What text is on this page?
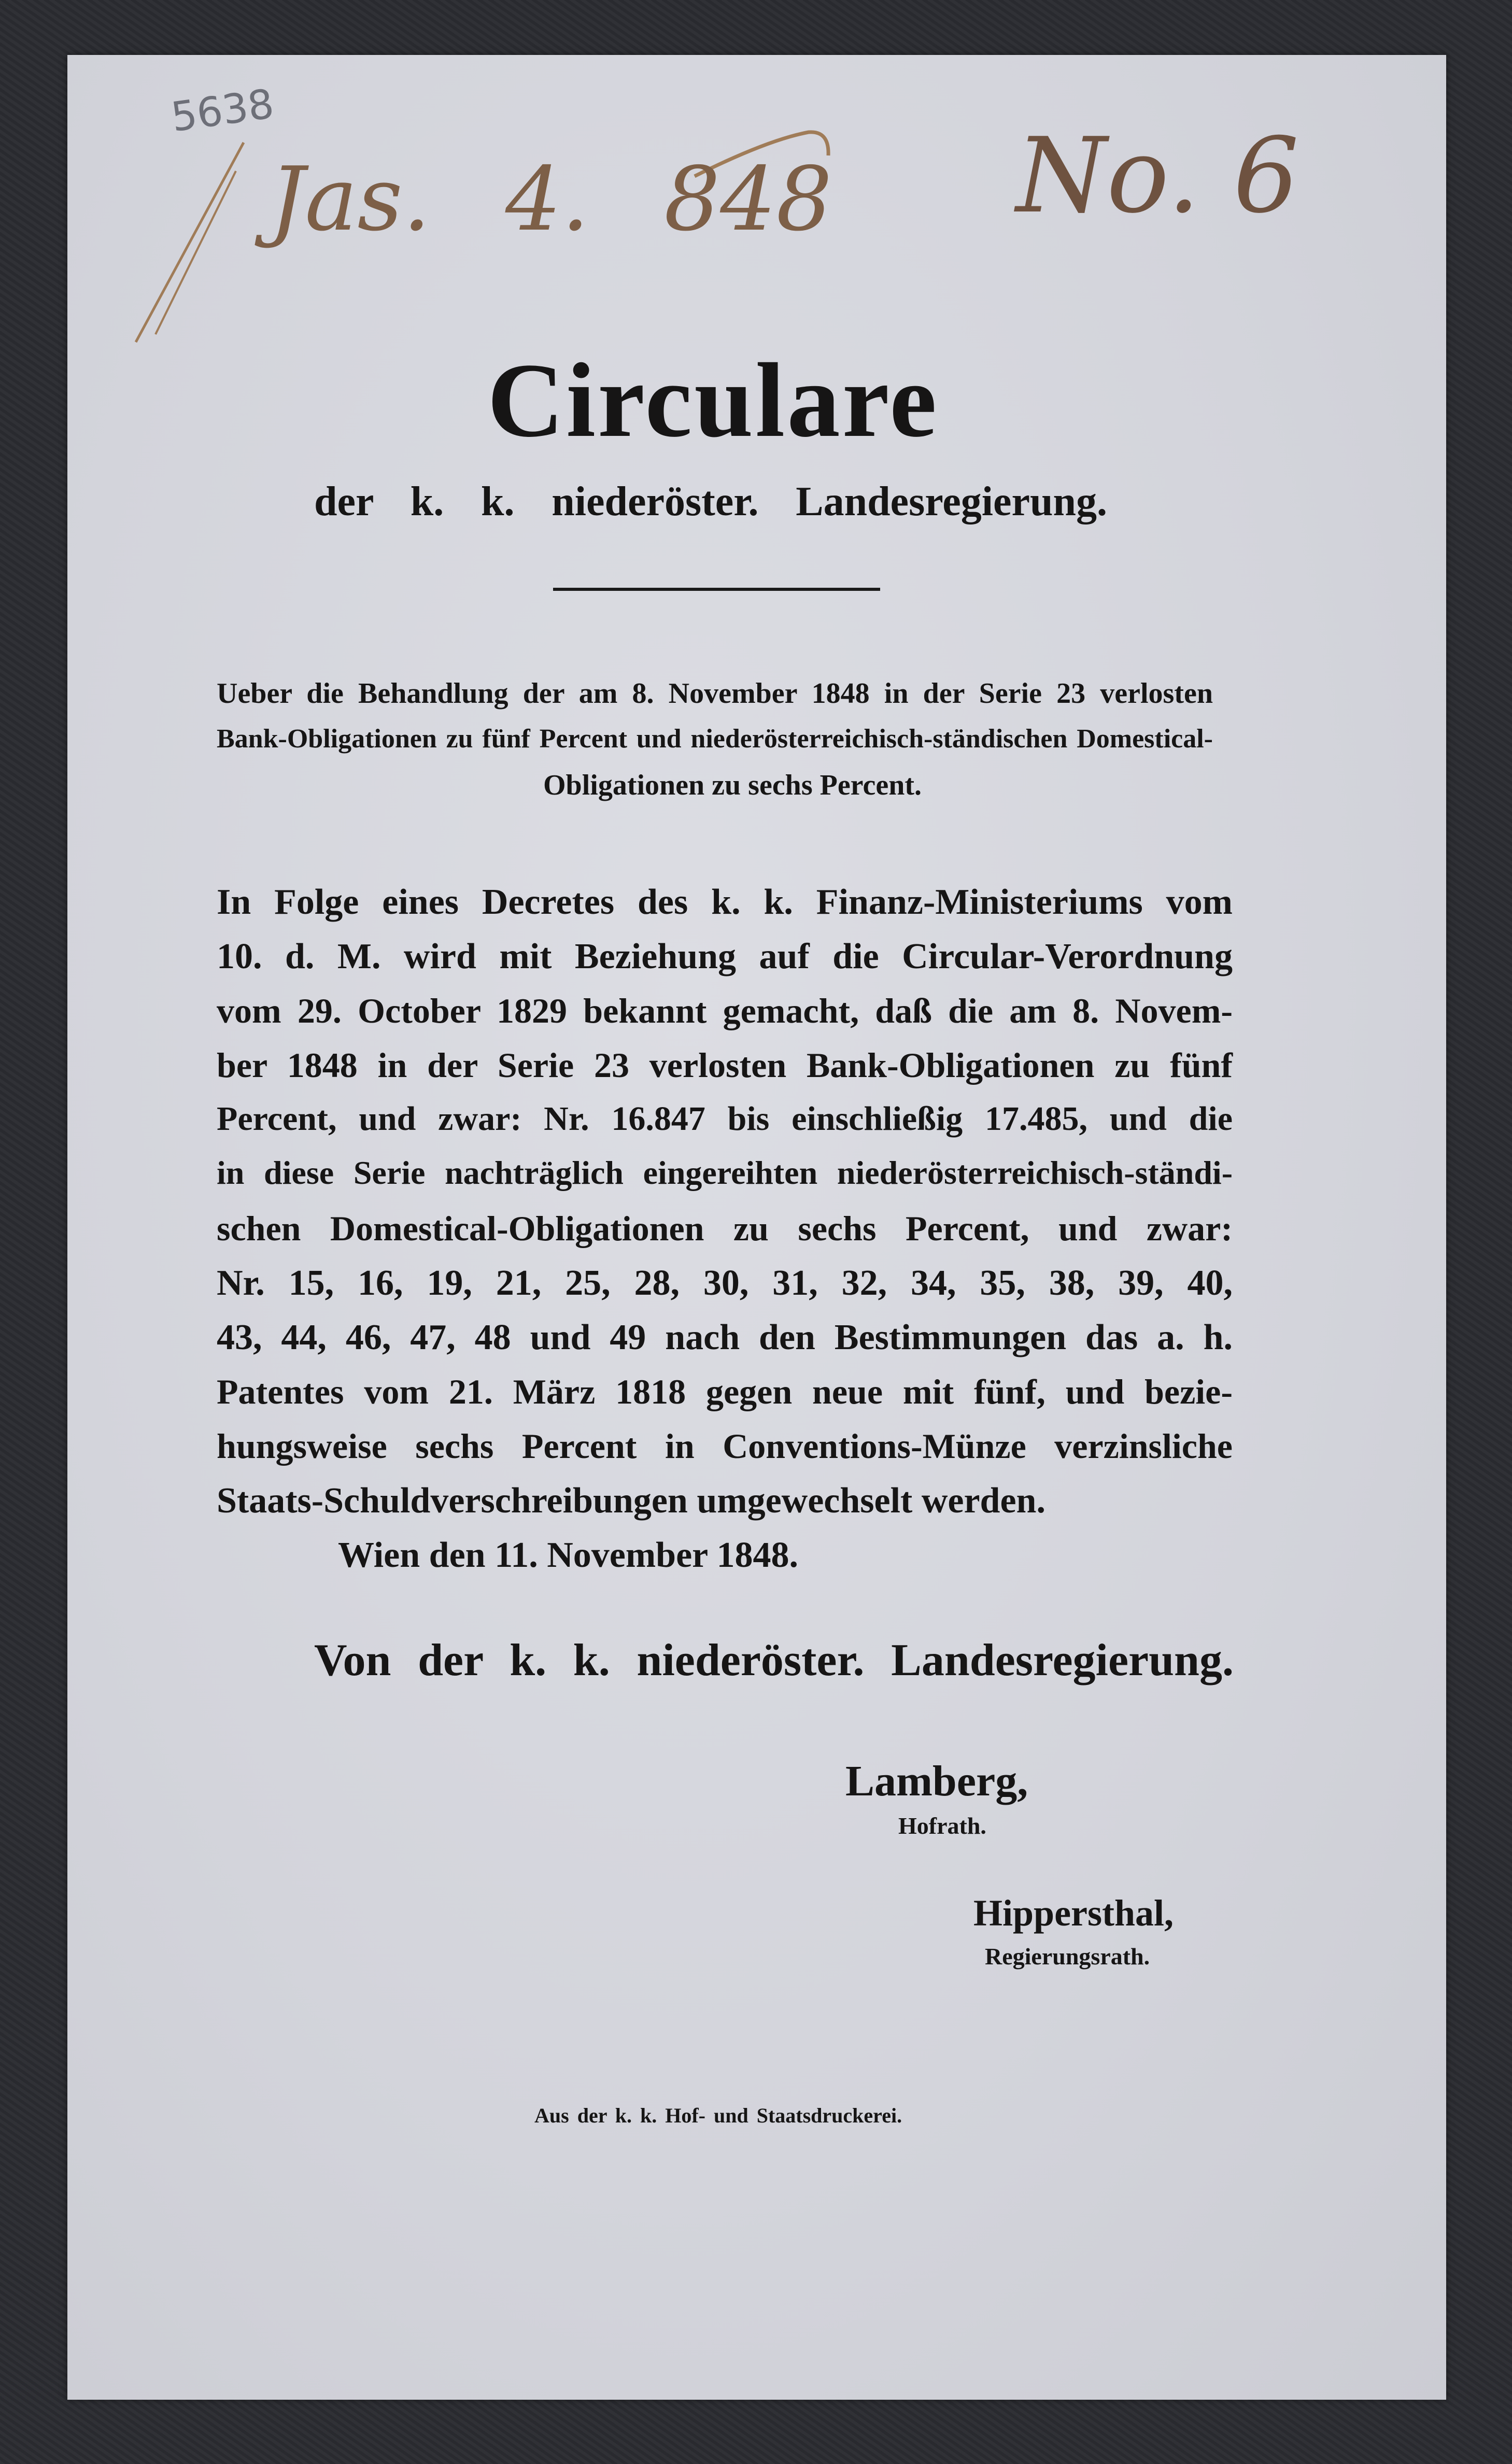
5638
Jas. 4. 848 No. 6
Circulare
der k. k. niederöster. Landesregierung.
Ueber die Behandlung der am 8. November 1848 in der Serie 23 verlosten
Bank-Obligationen zu fünf Percent und niederösterreichisch-ständischen Domestical-
Obligationen zu sechs Percent.
In Folge eines Decretes des k. k. Finanz-Ministeriums vom
10. d. M. wird mit Beziehung auf die Circular-Verordnung
vom 29. October 1829 bekannt gemacht, daß die am 8. Novem-
ber 1848 in der Serie 23 verlosten Bank-Obligationen zu fünf
Percent, und zwar: Nr. 16.847 bis einschließig 17.485, und die
in diese Serie nachträglich eingereihten niederösterreichisch-ständi-
schen Domestical-Obligationen zu sechs Percent, und zwar:
Nr. 15, 16, 19, 21, 25, 28, 30, 31, 32, 34, 35, 38, 39, 40,
43, 44, 46, 47, 48 und 49 nach den Bestimmungen das a. h.
Patentes vom 21. März 1818 gegen neue mit fünf, und bezie-
hungsweise sechs Percent in Conventions-Münze verzinsliche
Staats-Schuldverschreibungen umgewechselt werden.
Wien den 11. November 1848.
Von der k. k. niederöster. Landesregierung.
Lamberg,
Hofrath.
Hippersthal,
Regierungsrath.
Aus der k. k. Hof- und Staatsdruckerei.
